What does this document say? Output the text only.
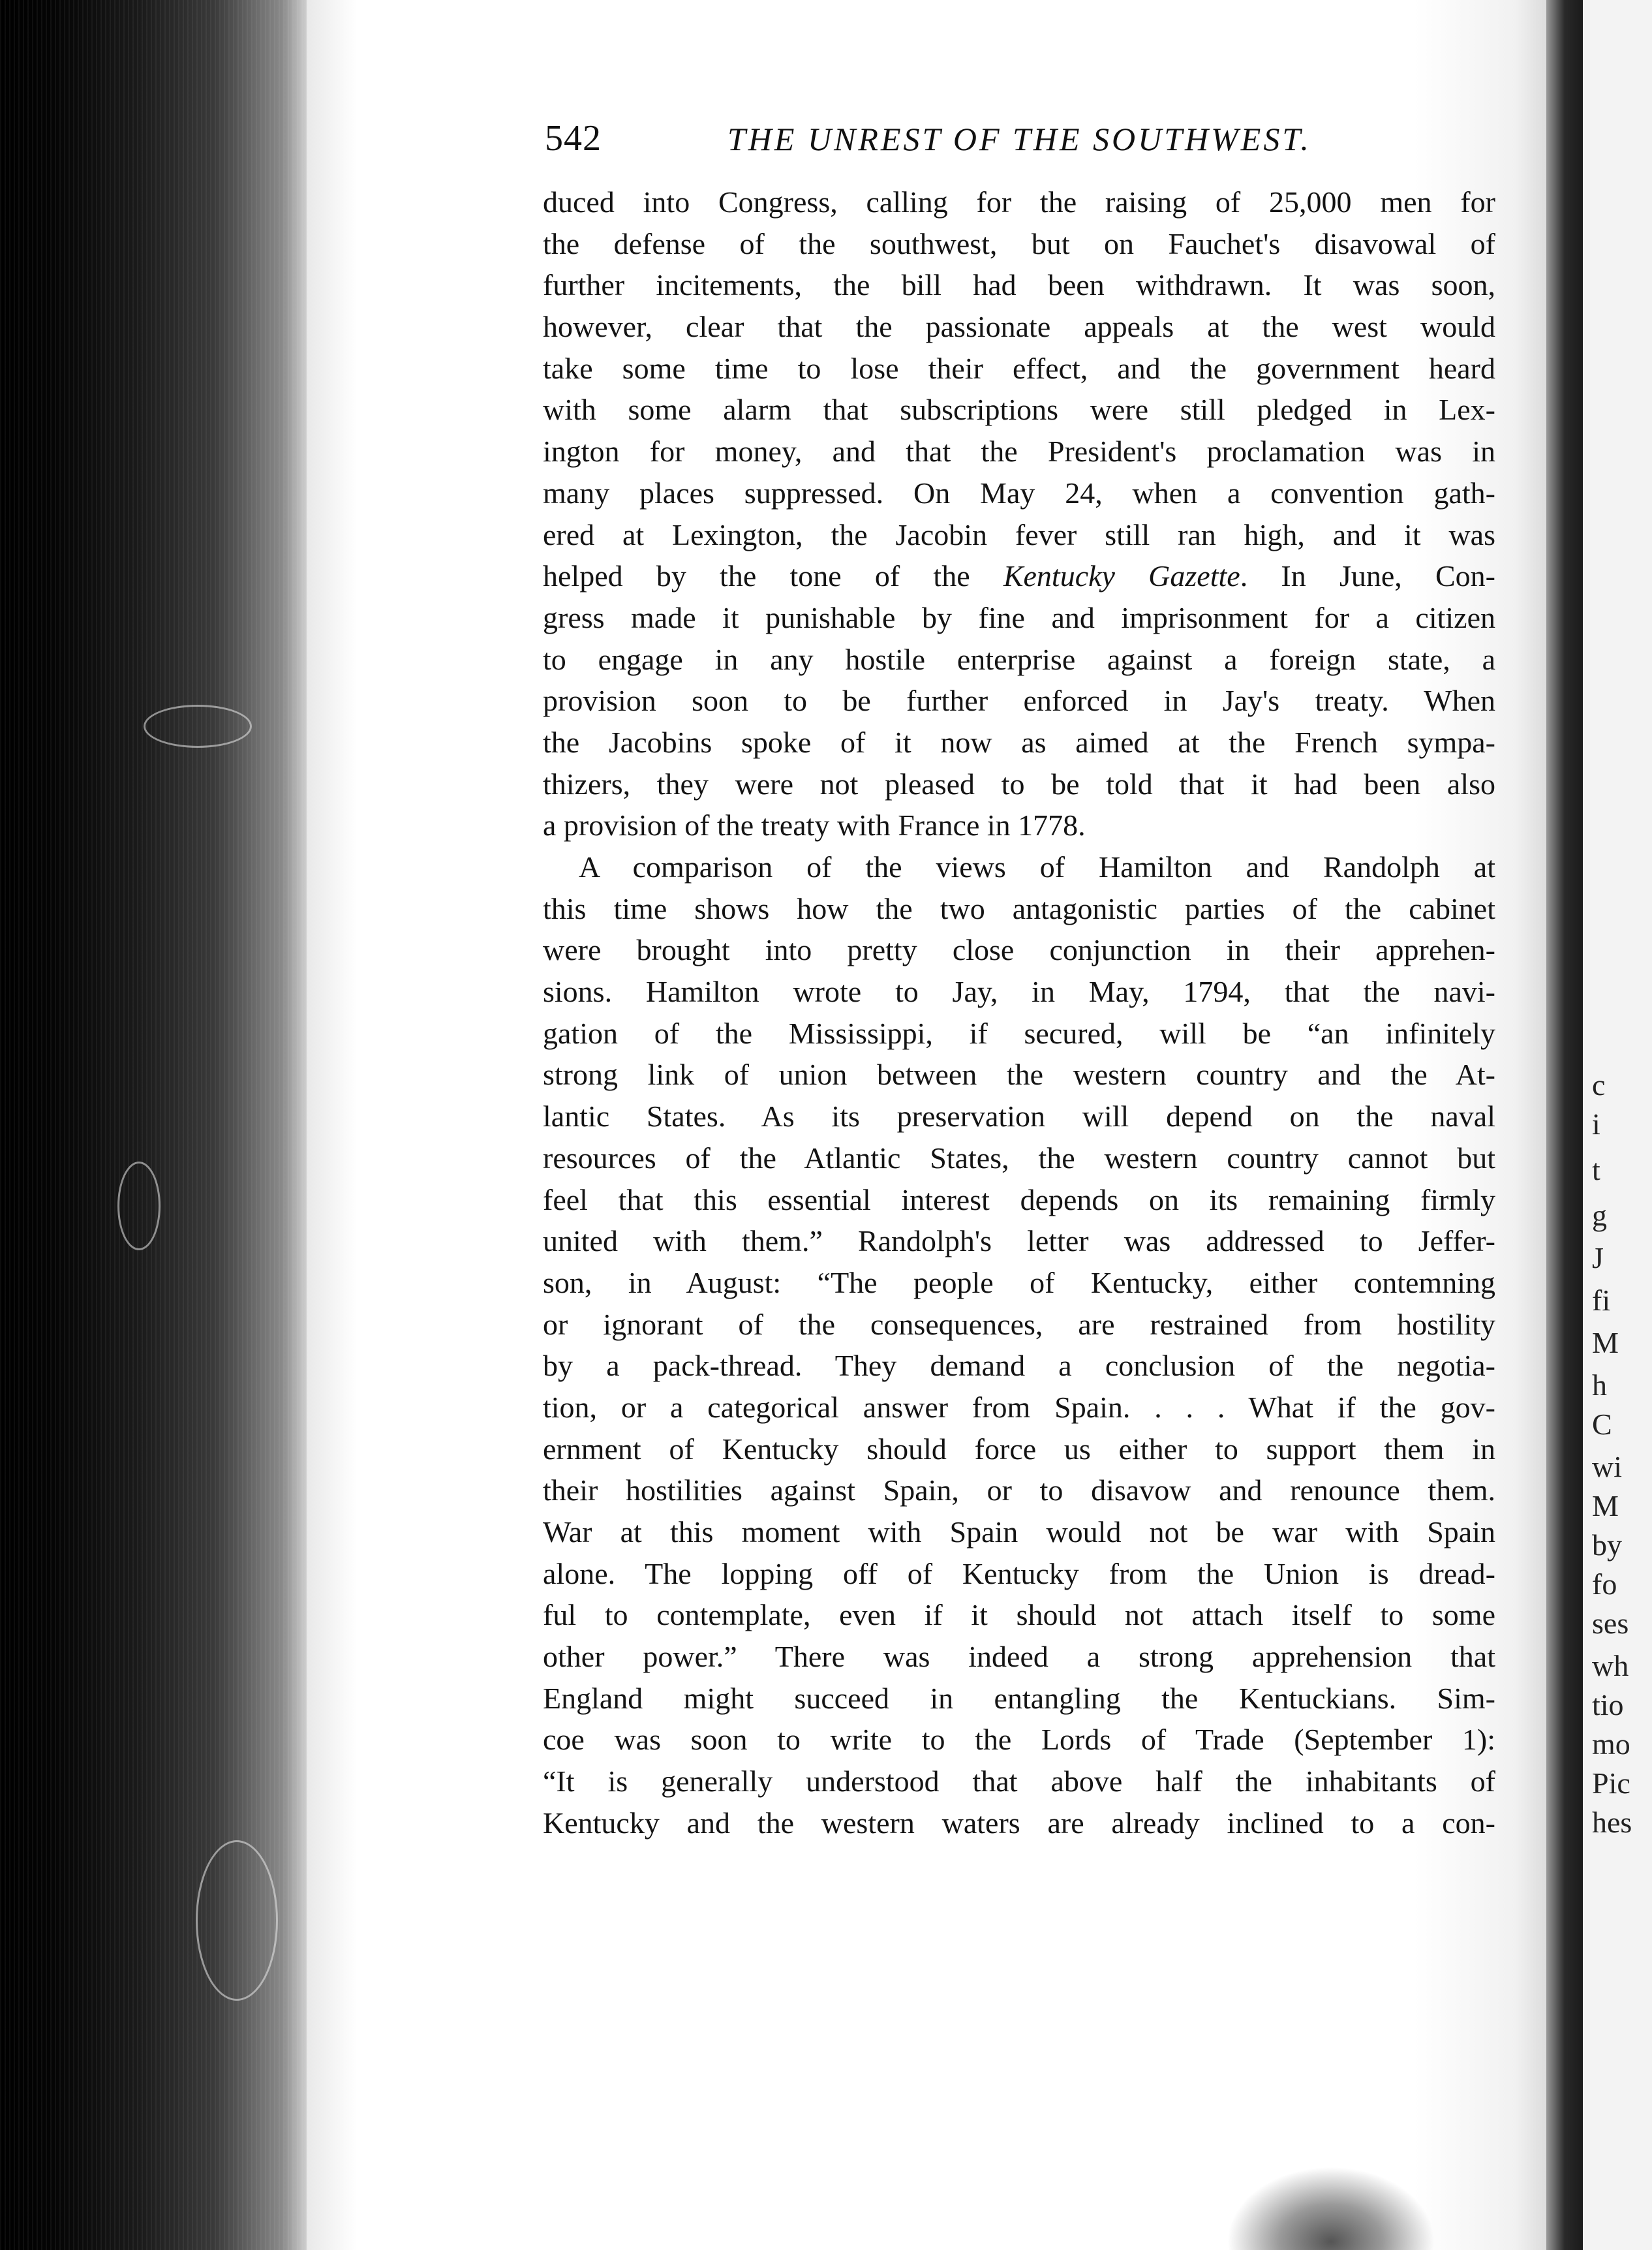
542	THE UNREST OF THE SOUTHWEST.
duced into Congress, calling for the raising of 25,000 men for
the defense of the southwest, but on Fauchet's disavowal of
further incitements, the bill had been withdrawn. It was soon,
however, clear that the passionate appeals at the west would
take some time to lose their effect, and the government heard
with some alarm that subscriptions were still pledged in Lex-
ington for money, and that the President's proclamation was in
many places suppressed. On May 24, when a convention gath-
ered at Lexington, the Jacobin fever still ran high, and it was
helped by the tone of the Kentucky Gazette. In June, Con-
gress made it punishable by fine and imprisonment for a citizen
to engage in any hostile enterprise against a foreign state, a
provision soon to be further enforced in Jay's treaty. When
the Jacobins spoke of it now as aimed at the French sympa-
thizers, they were not pleased to be told that it had been also
a provision of the treaty with France in 1778.
A comparison of the views of Hamilton and Randolph at
this time shows how the two antagonistic parties of the cabinet
were brought into pretty close conjunction in their apprehen-
sions. Hamilton wrote to Jay, in May, 1794, that the navi-
gation of the Mississippi, if secured, will be “an infinitely
strong link of union between the western country and the At-
lantic States. As its preservation will depend on the naval
resources of the Atlantic States, the western country cannot but
feel that this essential interest depends on its remaining firmly
united with them.” Randolph's letter was addressed to Jeffer-
son, in August: “The people of Kentucky, either contemning
or ignorant of the consequences, are restrained from hostility
by a pack-thread. They demand a conclusion of the negotia-
tion, or a categorical answer from Spain. . . . What if the gov-
ernment of Kentucky should force us either to support them in
their hostilities against Spain, or to disavow and renounce them.
War at this moment with Spain would not be war with Spain
alone. The lopping off of Kentucky from the Union is dread-
ful to contemplate, even if it should not attach itself to some
other power.” There was indeed a strong apprehension that
England might succeed in entangling the Kentuckians. Sim-
coe was soon to write to the Lords of Trade (September 1):
“It is generally understood that above half the inhabitants of
Kentucky and the western waters are already inclined to a con-
c
i
t
g
J
fi
M
h
C
wi
M
by
fo
ses
wh
tio
mo
Pic
hes
